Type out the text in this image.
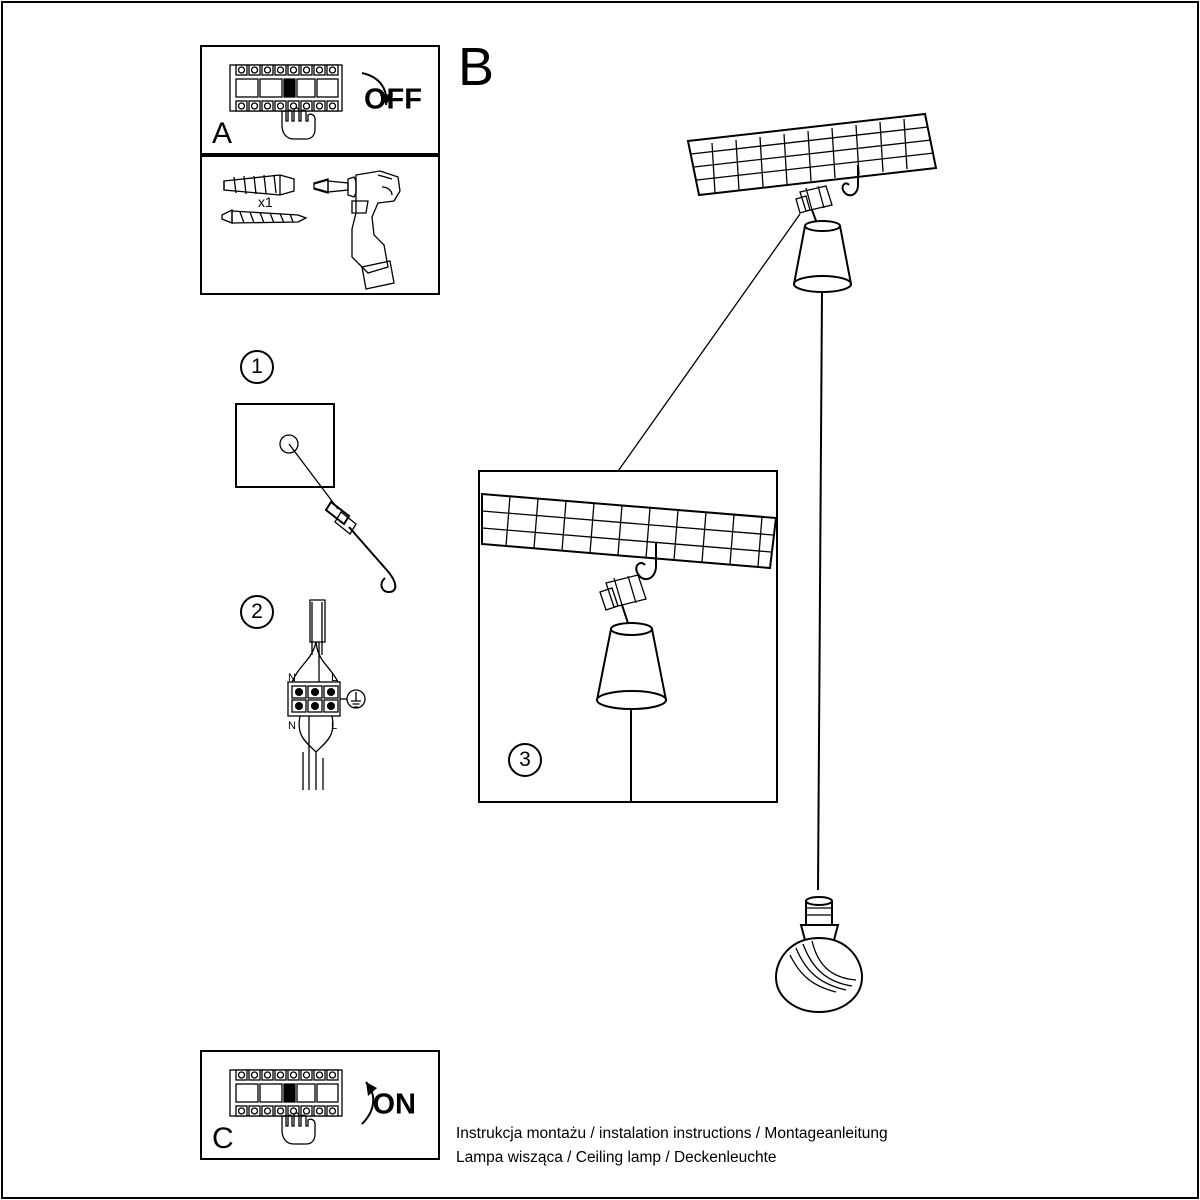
A
OFF
x1
B
1
2
N	L
N	L
3
C
ON
Instrukcja montażu / instalation instructions / Montageanleitung
Lampa wisząca / Ceiling lamp / Deckenleuchte
